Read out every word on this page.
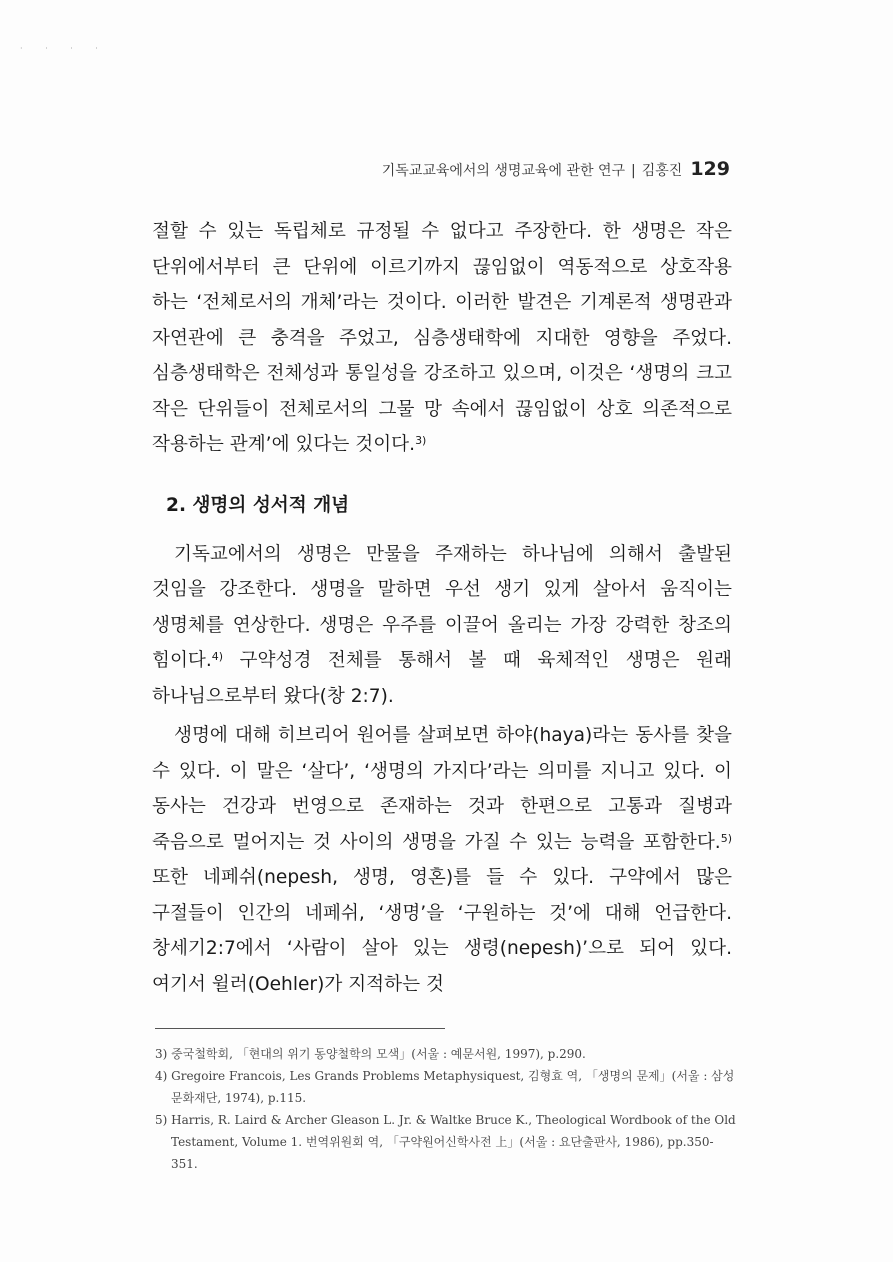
· · · ·
기독교교육에서의 생명교육에 관한 연구 | 김홍진 129

절할 수 있는 독립체로 규정될 수 없다고 주장한다. 한 생명은 작은 단위에서부터 큰 단위에 이르기까지 끊임없이 역동적으로 상호작용 하는 ‘전체로서의 개체’라는 것이다. 이러한 발견은 기계론적 생명관과 자연관에 큰 충격을 주었고, 심층생태학에 지대한 영향을 주었다. 심층생태학은 전체성과 통일성을 강조하고 있으며, 이것은 ‘생명의 크고 작은 단위들이 전체로서의 그물 망 속에서 끊임없이 상호 의존적으로 작용하는 관계’에 있다는 것이다.$^{3)}$

2. 생명의 성서적 개념

기독교에서의 생명은 만물을 주재하는 하나님에 의해서 출발된 것임을 강조한다. 생명을 말하면 우선 생기 있게 살아서 움직이는 생명체를 연상한다. 생명은 우주를 이끌어 올리는 가장 강력한 창조의 힘이다.$^{4)}$ 구약성경 전체를 통해서 볼 때 육체적인 생명은 원래 하나님으로부터 왔다(창 2:7).

생명에 대해 히브리어 원어를 살펴보면 하야(haya)라는 동사를 찾을 수 있다. 이 말은 ‘살다’, ‘생명의 가지다’라는 의미를 지니고 있다. 이 동사는 건강과 번영으로 존재하는 것과 한편으로 고통과 질병과 죽음으로 멀어지는 것 사이의 생명을 가질 수 있는 능력을 포함한다.$^{5)}$ 또한 네페쉬(nepesh, 생명, 영혼)를 들 수 있다. 구약에서 많은 구절들이 인간의 네페쉬, ‘생명’을 ‘구원하는 것’에 대해 언급한다. 창세기2:7에서 ‘사람이 살아 있는 생령(nepesh)’으로 되어 있다. 여기서 윌러(Oehler)가 지적하는 것

3) 중국철학회, 「현대의 위기 동양철학의 모색」(서울 : 예문서원, 1997), p.290.

4) Gregoire Francois, Les Grands Problems Metaphysiquest, 김형효 역, 「생명의 문제」(서울 : 삼성문화재단, 1974), p.115.

5) Harris, R. Laird & Archer Gleason L. Jr. & Waltke Bruce K., Theological Wordbook of the Old Testament, Volume 1. 번역위원회 역, 「구약원어신학사전 上」(서울 : 요단출판사, 1986), pp.350-351.
